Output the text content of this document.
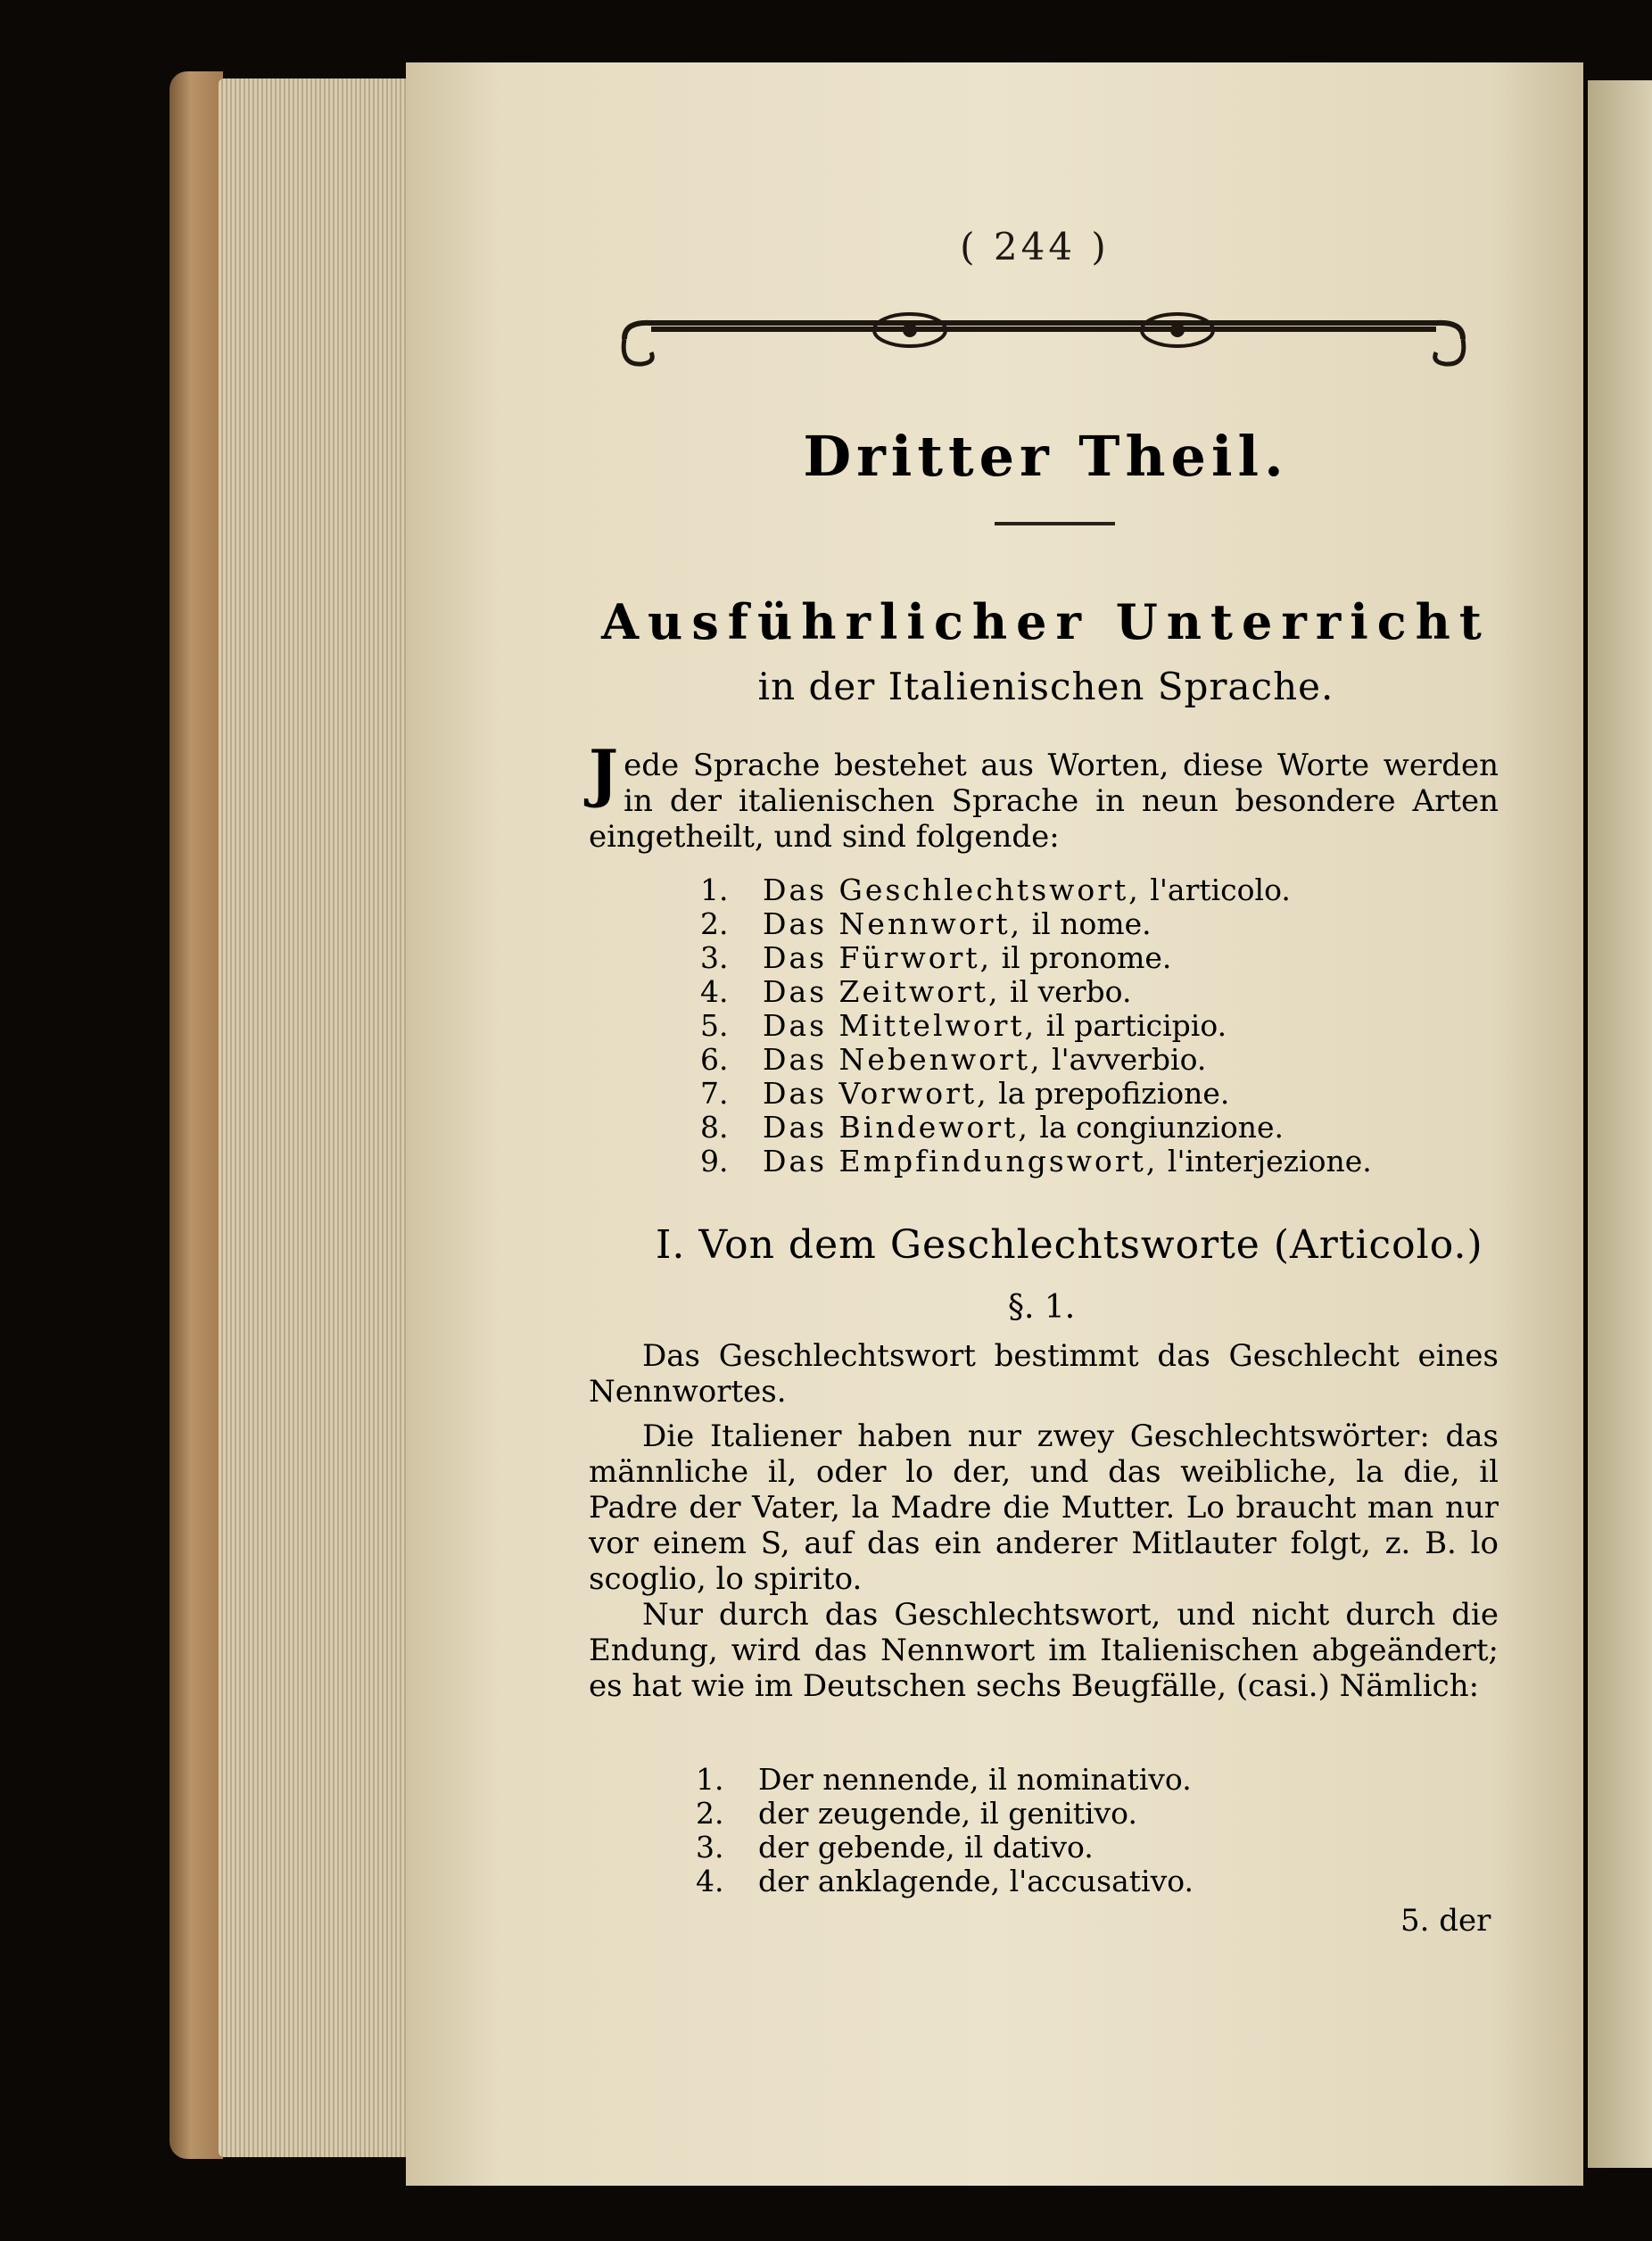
( 244 )
Dritter Theil.
Ausführlicher Unterricht
in der Italienischen Sprache.
Jede Sprache bestehet aus Worten, diese Worte werden in der italienischen Sprache in neun besondere Arten eingetheilt, und sind folgende:
1. Das Geschlechtswort, l'articolo.
2. Das Nennwort, il nome.
3. Das Fürwort, il pronome.
4. Das Zeitwort, il verbo.
5. Das Mittelwort, il participio.
6. Das Nebenwort, l'avverbio.
7. Das Vorwort, la prepofizione.
8. Das Bindewort, la congiunzione.
9. Das Empfindungswort, l'interjezione.
I. Von dem Geschlechtsworte (Articolo.)
§. 1.
Das Geschlechtswort bestimmt das Geschlecht eines Nennwortes.
Die Italiener haben nur zwey Geschlechtswörter: das männliche il, oder lo der, und das weibliche, la die, il Padre der Vater, la Madre die Mutter. Lo braucht man nur vor einem S, auf das ein anderer Mitlauter folgt, z. B. lo scoglio, lo spirito.
Nur durch das Geschlechtswort, und nicht durch die Endung, wird das Nennwort im Italienischen abgeändert; es hat wie im Deutschen sechs Beugfälle, (casi.) Nämlich:
1. Der nennende, il nominativo.
2. der zeugende, il genitivo.
3. der gebende, il dativo.
4. der anklagende, l'accusativo.
5. der
